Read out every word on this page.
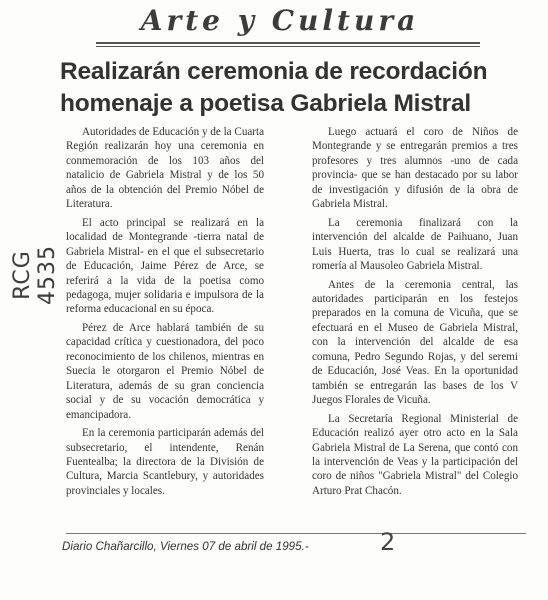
Arte y Cultura
Realizarán ceremonia de recordación
homenaje a poetisa Gabriela Mistral

Autoridades de Educación y de la Cuarta Región realizarán hoy una ceremonia en conmemoración de los 103 años del natalicio de Gabriela Mistral y de los 50 años de la obtención del Premio Nóbel de Literatura.

El acto principal se realizará en la localidad de Montegrande -tierra natal de Gabriela Mistral- en el que el subsecretario de Educación, Jaime Pérez de Arce, se referirá a la vida de la poetisa como pedagoga, mujer solidaria e impulsora de la reforma educacional en su época.

Pérez de Arce hablará también de su capacidad crítica y cuestionadora, del poco reconocimiento de los chilenos, mientras en Suecia le otorgaron el Premio Nóbel de Literatura, además de su gran conciencia social y de su vocación democrática y emancipadora.

En la ceremonia participarán además del subsecretario, el intendente, Renán Fuentealba; la directora de la División de Cultura, Marcia Scantlebury, y autoridades provinciales y locales.

Luego actuará el coro de Niños de Montegrande y se entregarán premios a tres profesores y tres alumnos -uno de cada provincia- que se han destacado por su labor de investigación y difusión de la obra de Gabriela Mistral.

La ceremonia finalizará con la intervención del alcalde de Paihuano, Juan Luis Huerta, tras lo cual se realizará una romería al Mausoleo Gabriela Mistral.

Antes de la ceremonia central, las autoridades participarán en los festejos preparados en la comuna de Vicuña, que se efectuará en el Museo de Gabriela Mistral, con la intervención del alcalde de esa comuna, Pedro Segundo Rojas, y del seremi de Educación, José Veas. En la oportunidad también se entregarán las bases de los V Juegos Florales de Vicuña.

La Secretaría Regional Ministerial de Educación realizó ayer otro acto en la Sala Gabriela Mistral de La Serena, que contó con la intervención de Veas y la participación del coro de niños "Gabriela Mistral" del Colegio Arturo Prat Chacón.

Diario Chañarcillo, Viernes 07 de abril de 1995.-
RCG 4535
2
